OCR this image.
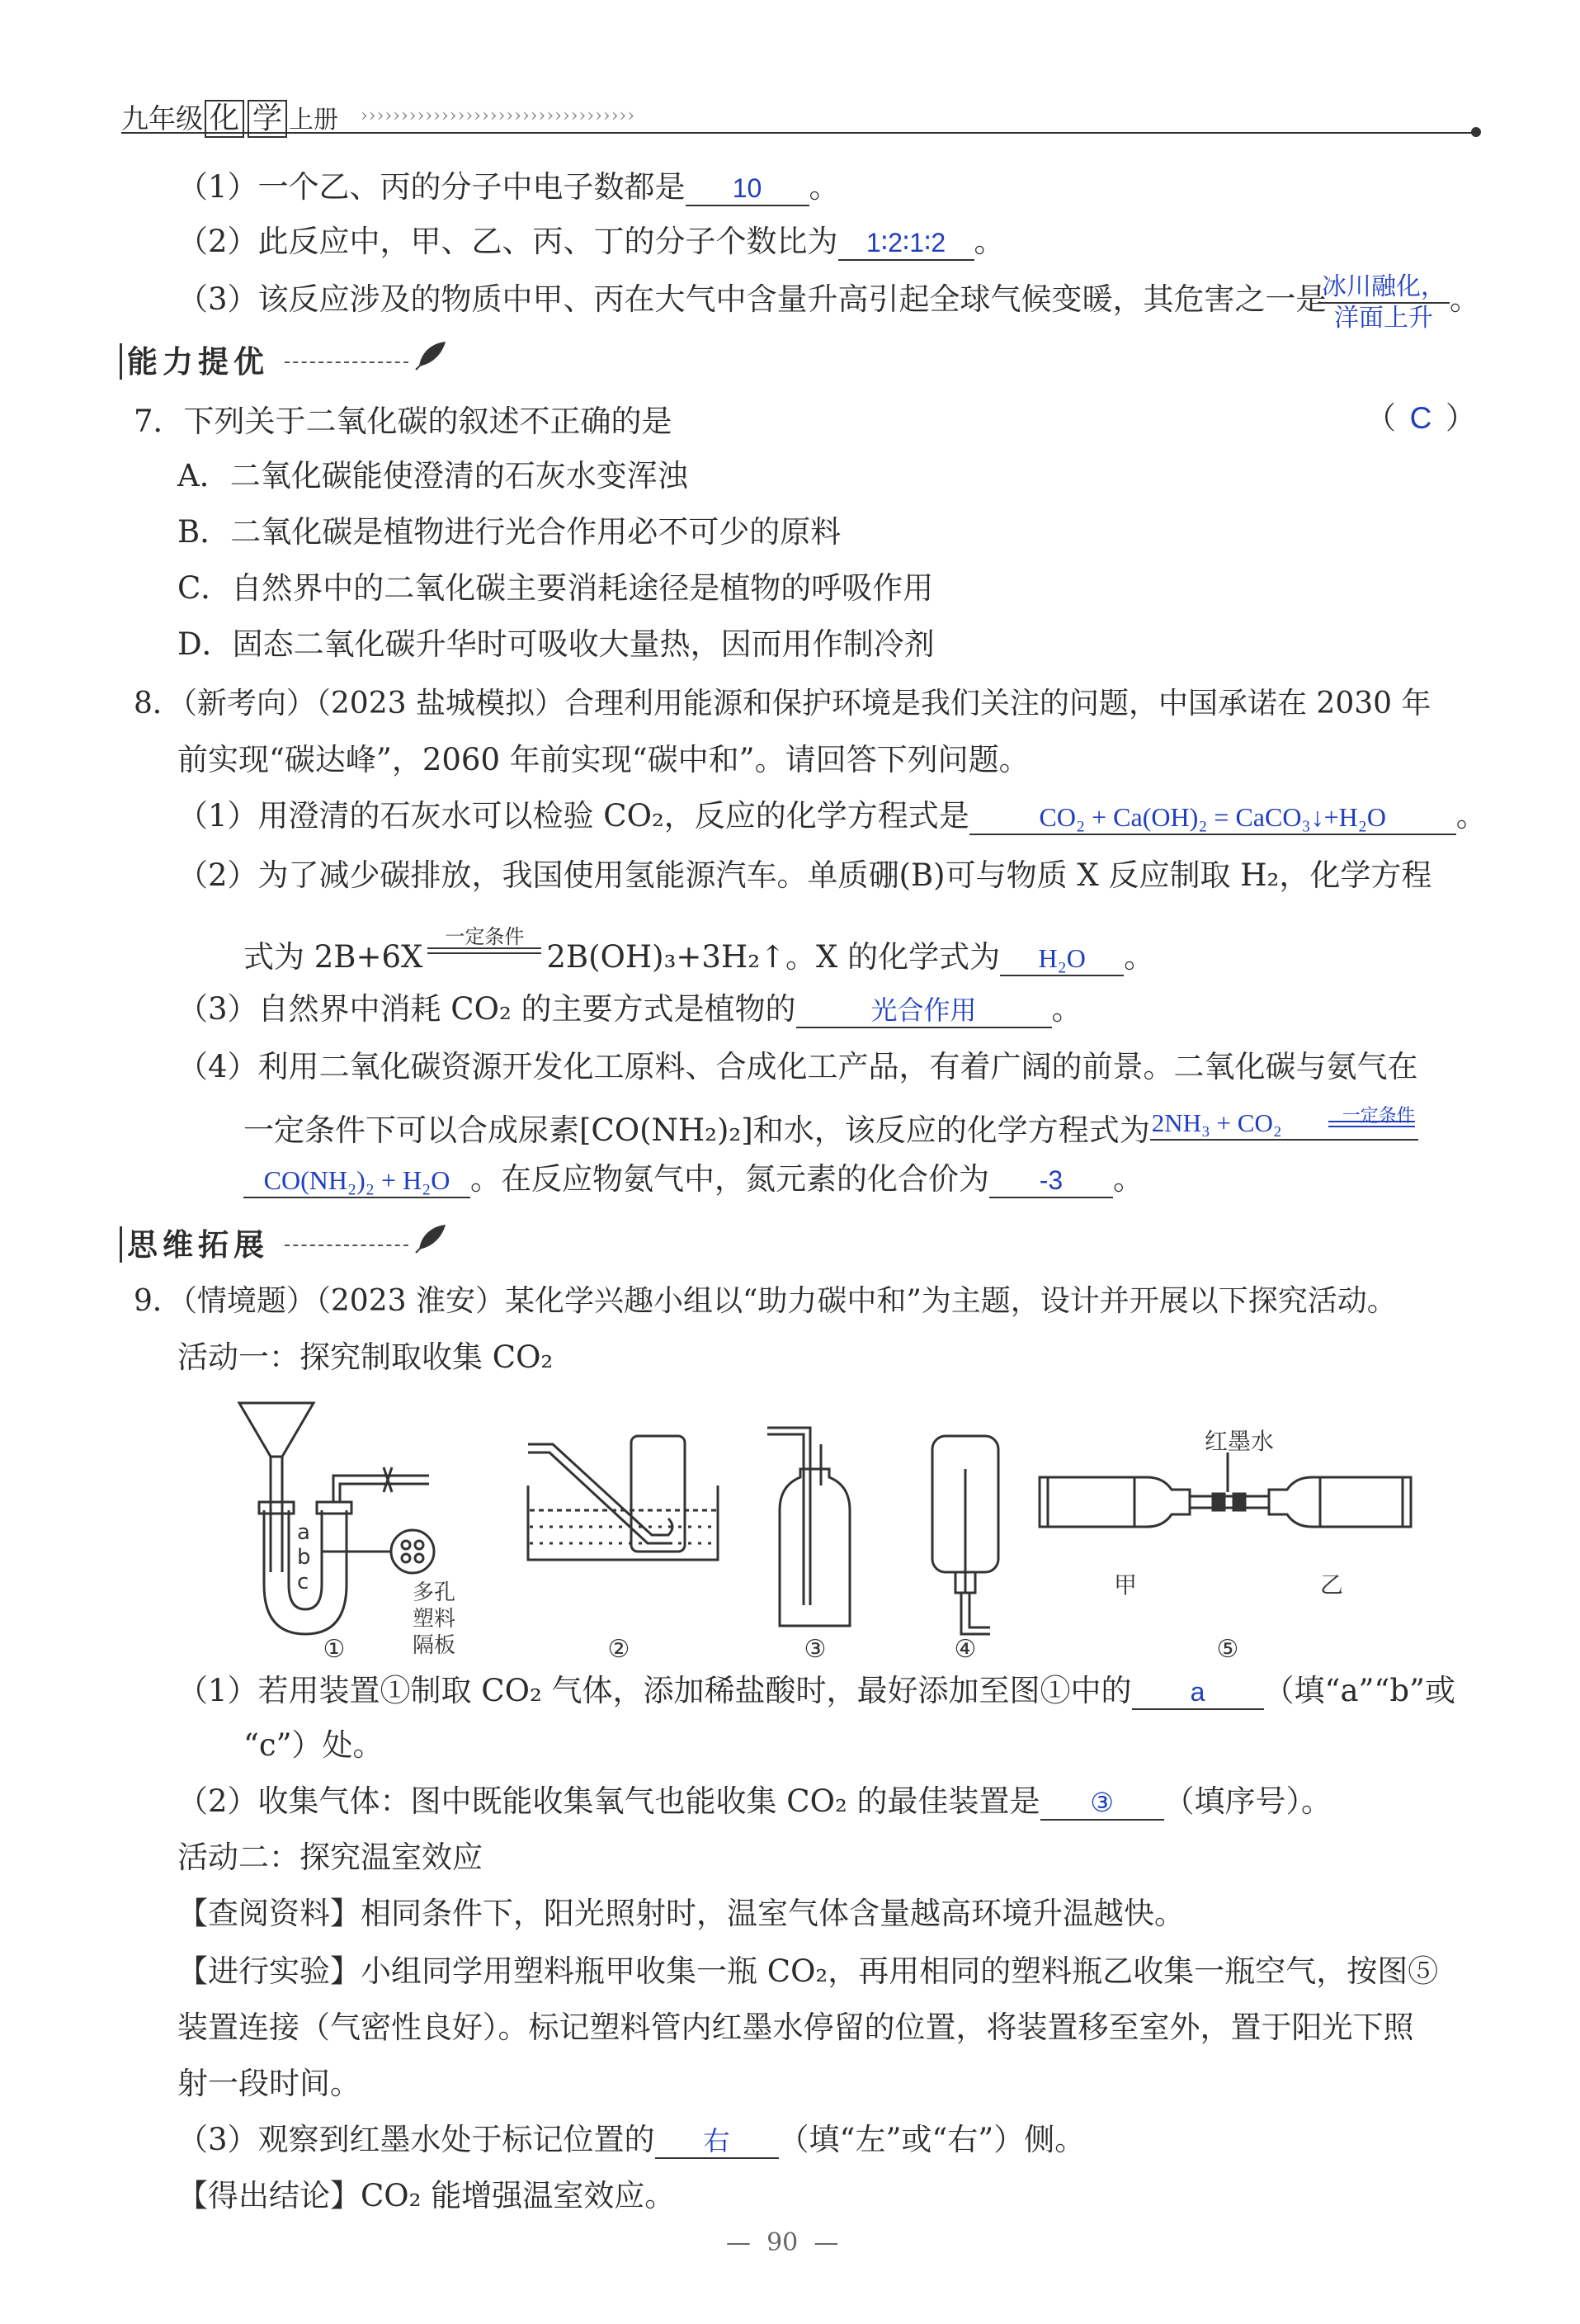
九年级 化 学 上册 ››››››››››››››››››››››››››››››››››
（1）一个乙、丙的分子中电子数都是 10 。
（2）此反应中，甲、乙、丙、丁的分子个数比为 1∶2∶1∶2 。
（3）该反应涉及的物质中甲、丙在大气中含量升高引起全球气候变暖，其危害之一是
冰川融化，
洋面上升
。
能力提优
7．下列关于二氧化碳的叙述不正确的是	（ C ）
A．二氧化碳能使澄清的石灰水变浑浊
B．二氧化碳是植物进行光合作用必不可少的原料
C．自然界中的二氧化碳主要消耗途径是植物的呼吸作用
D．固态二氧化碳升华时可吸收大量热，因而用作制冷剂
8．（新考向）（2023 盐城模拟）合理利用能源和保护环境是我们关注的问题，中国承诺在 2030 年
前实现“碳达峰”，2060 年前实现“碳中和”。请回答下列问题。
（1）用澄清的石灰水可以检验 CO₂，反应的化学方程式是	CO₂ + Ca(OH)₂ = CaCO₃↓+H₂O 。
（2）为了减少碳排放，我国使用氢能源汽车。单质硼(B)可与物质 X 反应制取 H₂，化学方程
式为 2B+6X
一定条件
2B(OH)₃+3H₂↑。X 的化学式为 H₂O 。
（3）自然界中消耗 CO₂ 的主要方式是植物的	光合作用 。
（4）利用二氧化碳资源开发化工原料、合成化工产品，有着广阔的前景。二氧化碳与氨气在
一定条件下可以合成尿素[CO(NH₂)₂]和水，该反应的化学方程式为 2NH₃ + CO₂	一定条件
CO(NH₂)₂ + H₂O 。在反应物氨气中，氮元素的化合价为 -3 。
思维拓展
9．（情境题）（2023 淮安）某化学兴趣小组以“助力碳中和”为主题，设计并开展以下探究活动。
活动一：探究制取收集 CO₂
a
b
c	多孔
塑料
隔板
红墨水
甲	乙
①	②	③	④	⑤
（1）若用装置①制取 CO₂ 气体，添加稀盐酸时，最好添加至图①中的 a （填“a”“b”或
“c”）处。
（2）收集气体：图中既能收集氧气也能收集 CO₂ 的最佳装置是 ③ （填序号）。
活动二：探究温室效应
【查阅资料】相同条件下，阳光照射时，温室气体含量越高环境升温越快。
【进行实验】小组同学用塑料瓶甲收集一瓶 CO₂，再用相同的塑料瓶乙收集一瓶空气，按图⑤
装置连接（气密性良好）。标记塑料管内红墨水停留的位置，将装置移至室外，置于阳光下照
射一段时间。
（3）观察到红墨水处于标记位置的 右 （填“左”或“右”）侧。
【得出结论】CO₂ 能增强温室效应。
—  90  —
